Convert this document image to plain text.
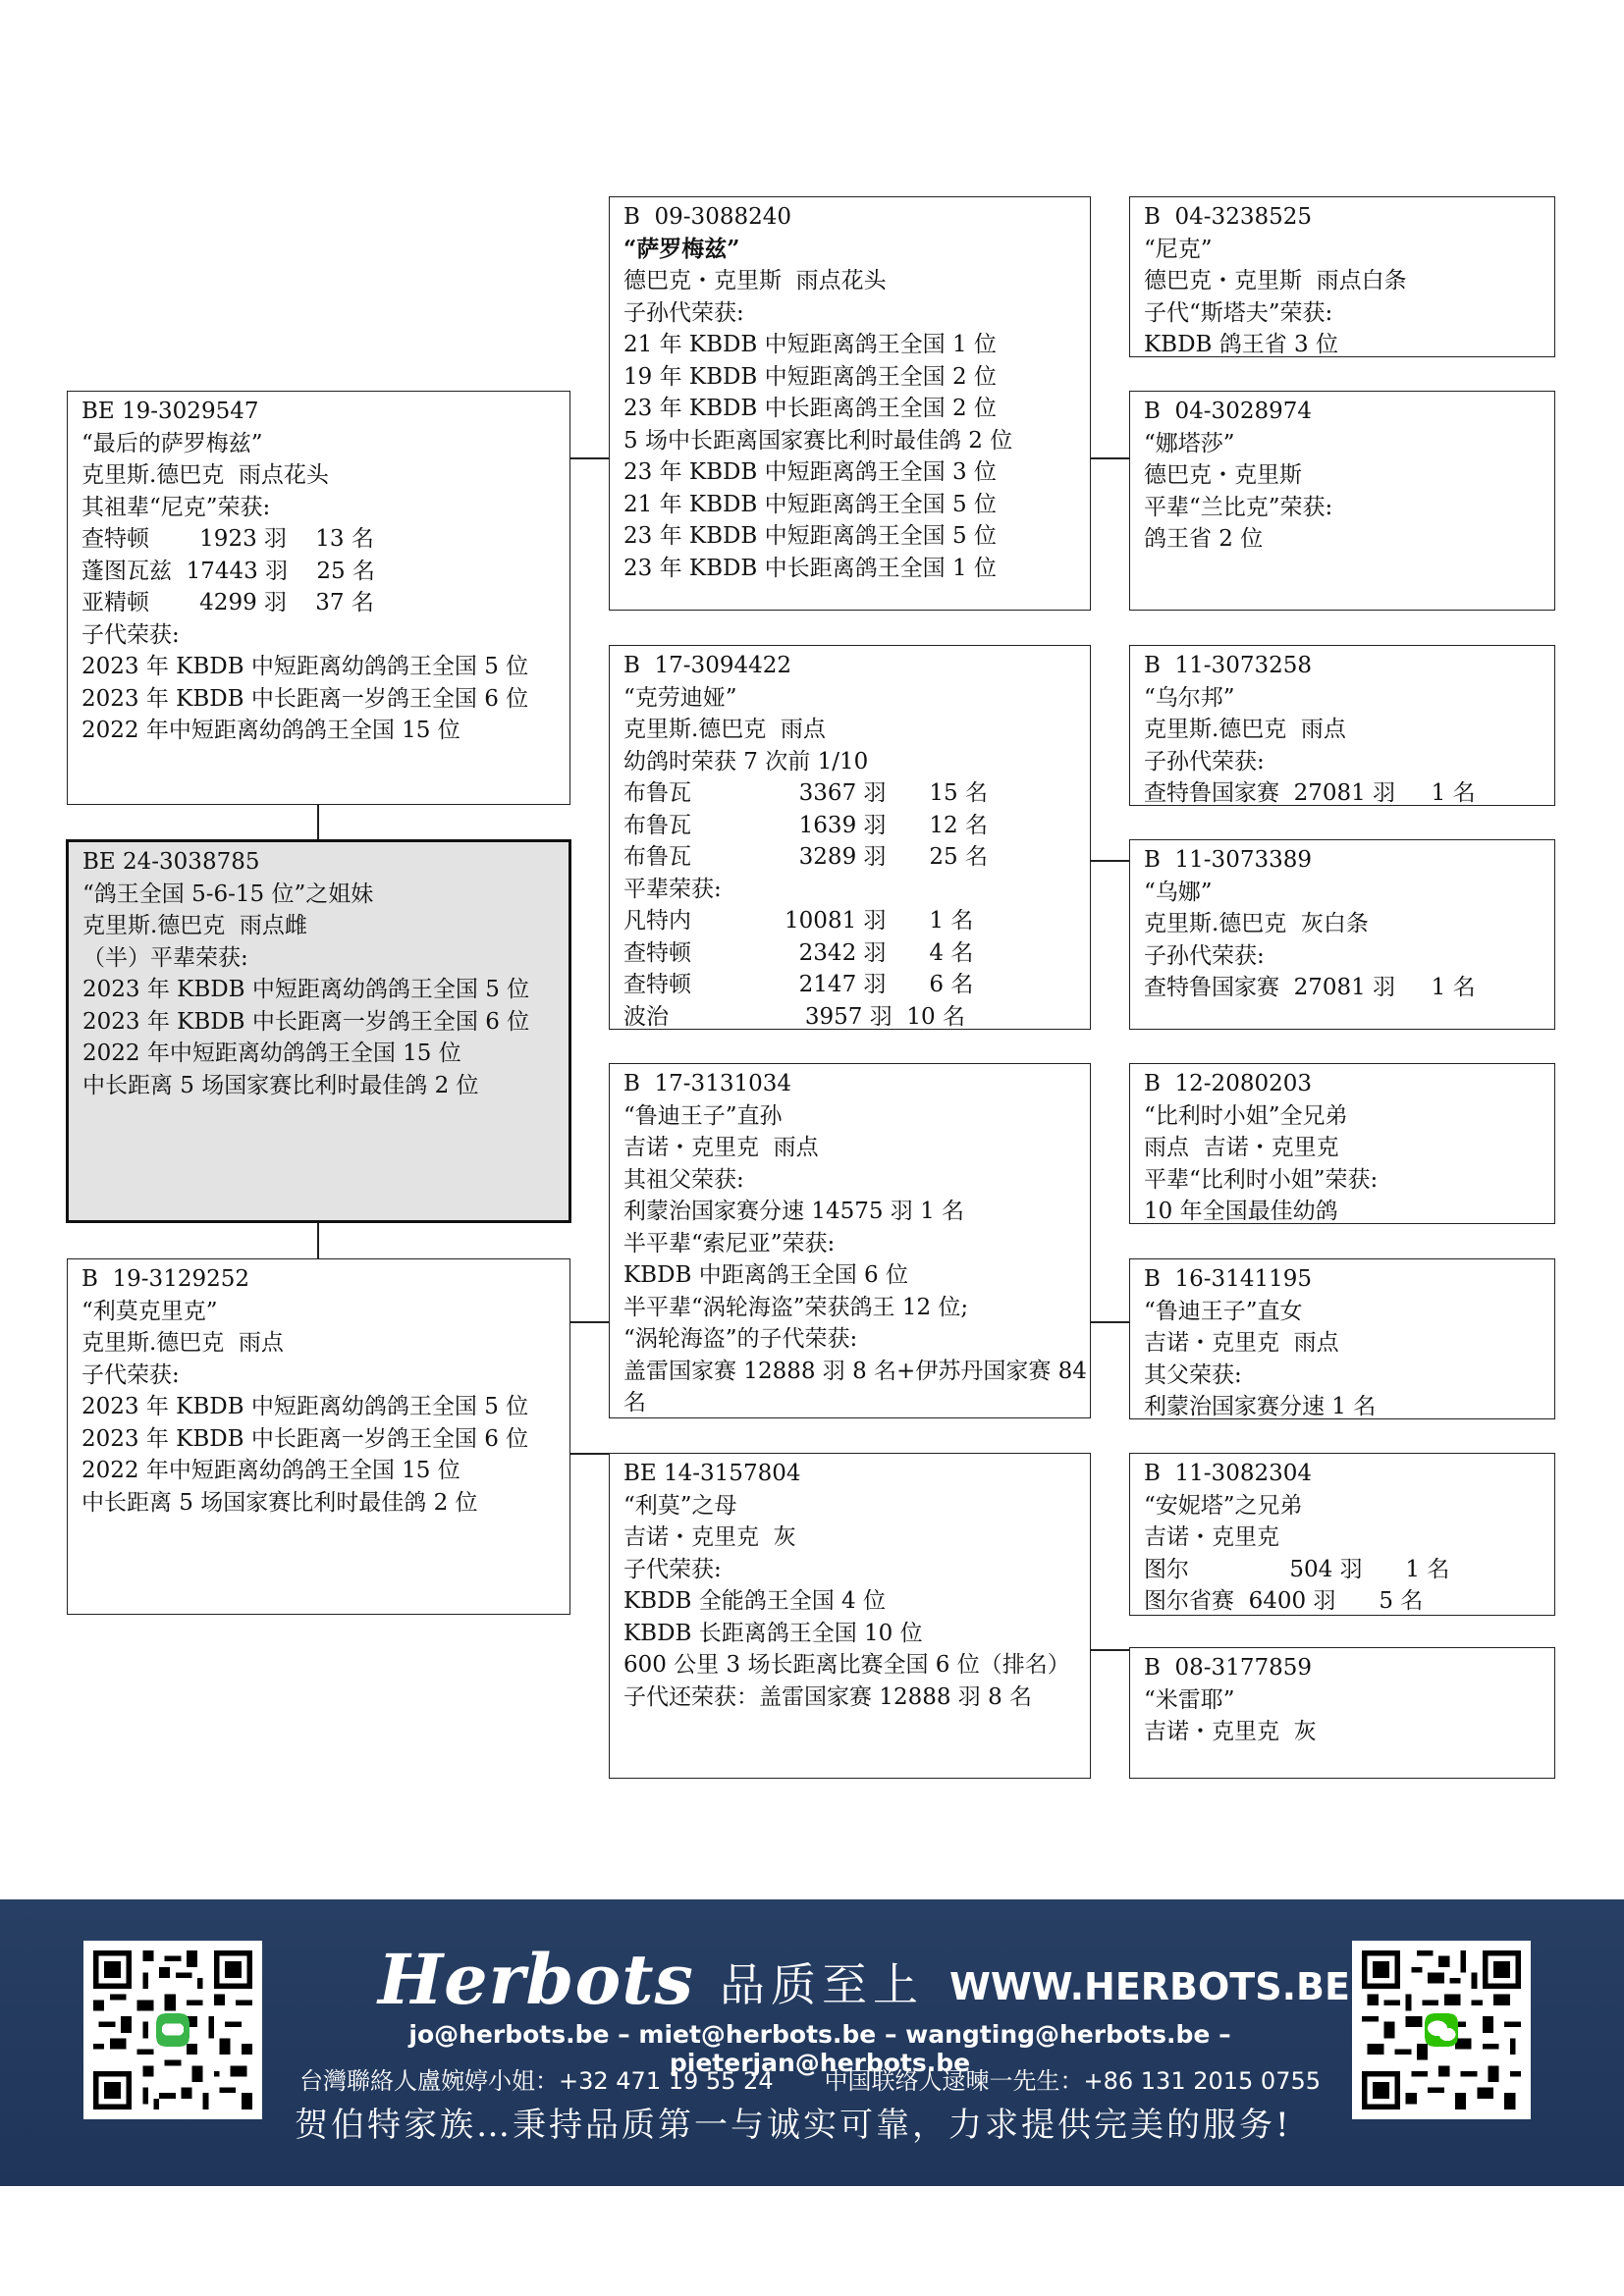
BE 19-3029547
“最后的萨罗梅兹”
克里斯.德巴克  雨点花头
其祖辈“尼克”荣获:
查特顿       1923 羽    13 名
蓬图瓦兹  17443 羽    25 名
亚精顿       4299 羽    37 名
子代荣获:
2023 年 KBDB 中短距离幼鸽鸽王全国 5 位
2023 年 KBDB 中长距离一岁鸽王全国 6 位
2022 年中短距离幼鸽鸽王全国 15 位
BE 24-3038785
“鸽王全国 5-6-15 位”之姐妹
克里斯.德巴克  雨点雌
（半）平辈荣获:
2023 年 KBDB 中短距离幼鸽鸽王全国 5 位
2023 年 KBDB 中长距离一岁鸽王全国 6 位
2022 年中短距离幼鸽鸽王全国 15 位
中长距离 5 场国家赛比利时最佳鸽 2 位
B  19-3129252
“利莫克里克”
克里斯.德巴克  雨点
子代荣获:
2023 年 KBDB 中短距离幼鸽鸽王全国 5 位
2023 年 KBDB 中长距离一岁鸽王全国 6 位
2022 年中短距离幼鸽鸽王全国 15 位
中长距离 5 场国家赛比利时最佳鸽 2 位
B  09-3088240
“萨罗梅兹”
德巴克・克里斯  雨点花头
子孙代荣获:
21 年 KBDB 中短距离鸽王全国 1 位
19 年 KBDB 中短距离鸽王全国 2 位
23 年 KBDB 中长距离鸽王全国 2 位
5 场中长距离国家赛比利时最佳鸽 2 位
23 年 KBDB 中短距离鸽王全国 3 位
21 年 KBDB 中短距离鸽王全国 5 位
23 年 KBDB 中短距离鸽王全国 5 位
23 年 KBDB 中长距离鸽王全国 1 位
B  17-3094422
“克劳迪娅”
克里斯.德巴克  雨点
幼鸽时荣获 7 次前 1/10
布鲁瓦               3367 羽      15 名
布鲁瓦               1639 羽      12 名
布鲁瓦               3289 羽      25 名
平辈荣获:
凡特内             10081 羽      1 名
查特顿               2342 羽      4 名
查特顿               2147 羽      6 名
波治                   3957 羽  10 名
B  17-3131034
“鲁迪王子”直孙
吉诺・克里克  雨点
其祖父荣获:
利蒙治国家赛分速 14575 羽 1 名
半平辈“索尼亚”荣获:
KBDB 中距离鸽王全国 6 位
半平辈“涡轮海盗”荣获鸽王 12 位;
“涡轮海盗”的子代荣获:
盖雷国家赛 12888 羽 8 名+伊苏丹国家赛 84
名
BE 14-3157804
“利莫”之母
吉诺・克里克  灰
子代荣获:
KBDB 全能鸽王全国 4 位
KBDB 长距离鸽王全国 10 位
600 公里 3 场长距离比赛全国 6 位（排名）
子代还荣获：盖雷国家赛 12888 羽 8 名
B  04-3238525
“尼克”
德巴克・克里斯  雨点白条
子代“斯塔夫”荣获:
KBDB 鸽王省 3 位
B  04-3028974
“娜塔莎”
德巴克・克里斯
平辈“兰比克”荣获:
鸽王省 2 位
B  11-3073258
“乌尔邦”
克里斯.德巴克  雨点
子孙代荣获:
查特鲁国家赛  27081 羽     1 名
B  11-3073389
“乌娜”
克里斯.德巴克  灰白条
子孙代荣获:
查特鲁国家赛  27081 羽     1 名
B  12-2080203
“比利时小姐”全兄弟
雨点  吉诺・克里克
平辈“比利时小姐”荣获:
10 年全国最佳幼鸽
B  16-3141195
“鲁迪王子”直女
吉诺・克里克  雨点
其父荣获:
利蒙治国家赛分速 1 名
B  11-3082304
“安妮塔”之兄弟
吉诺・克里克
图尔              504 羽      1 名
图尔省赛  6400 羽      5 名
B  08-3177859
“米雷耶”
吉诺・克里克  灰
Herbots 品质至上 WWW.HERBOTS.BE
jo@herbots.be – miet@herbots.be – wangting@herbots.be – pieterjan@herbots.be
台灣聯絡人盧婉婷小姐：+32 471 19 55 24 中国联络人逯暕一先生：+86 131 2015 0755
贺伯特家族…秉持品质第一与诚实可靠，力求提供完美的服务!
